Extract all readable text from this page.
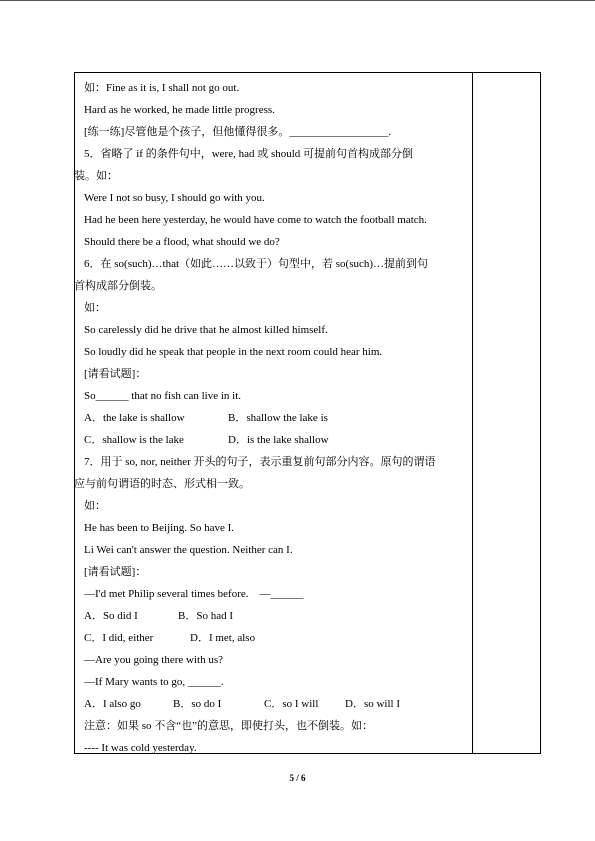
如：Fine as it is, I shall not go out.
Hard as he worked, he made little progress.
[练一练]尽管他是个孩子，但他懂得很多。__________________.
5．省略了 if 的条件句中，were, had 或 should 可提前句首构成部分倒
装。如：
Were I not so busy, I should go with you.
Had he been here yesterday, he would have come to watch the football match.
Should there be a flood, what should we do?
6．在 so(such)…that（如此……以致于）句型中，若 so(such)…提前到句
首构成部分倒装。
如：
So carelessly did he drive that he almost killed himself.
So loudly did he speak that people in the next room could hear him.
[请看试题]：
So______ that no fish can live in it.
A．the lake is shallow	B．shallow the lake is
C．shallow is the lake	D．is the lake shallow
7．用于 so, nor, neither 开头的句子，表示重复前句部分内容。原句的谓语
应与前句谓语的时态、形式相一致。
如：
He has been to Beijing. So have I.
Li Wei can't answer the question. Neither can I.
[请看试题]：
—I'd met Philip several times before.　—______
A．So did I	B．So had I
C．I did, either	D．I met, also
—Are you going there with us?
—If Mary wants to go, ______.
A．I also go	B．so do I	C．so I will D．so will I
注意：如果 so 不含“也”的意思，即使打头，也不倒装。如：
---- It was cold yesterday.
5 / 6
